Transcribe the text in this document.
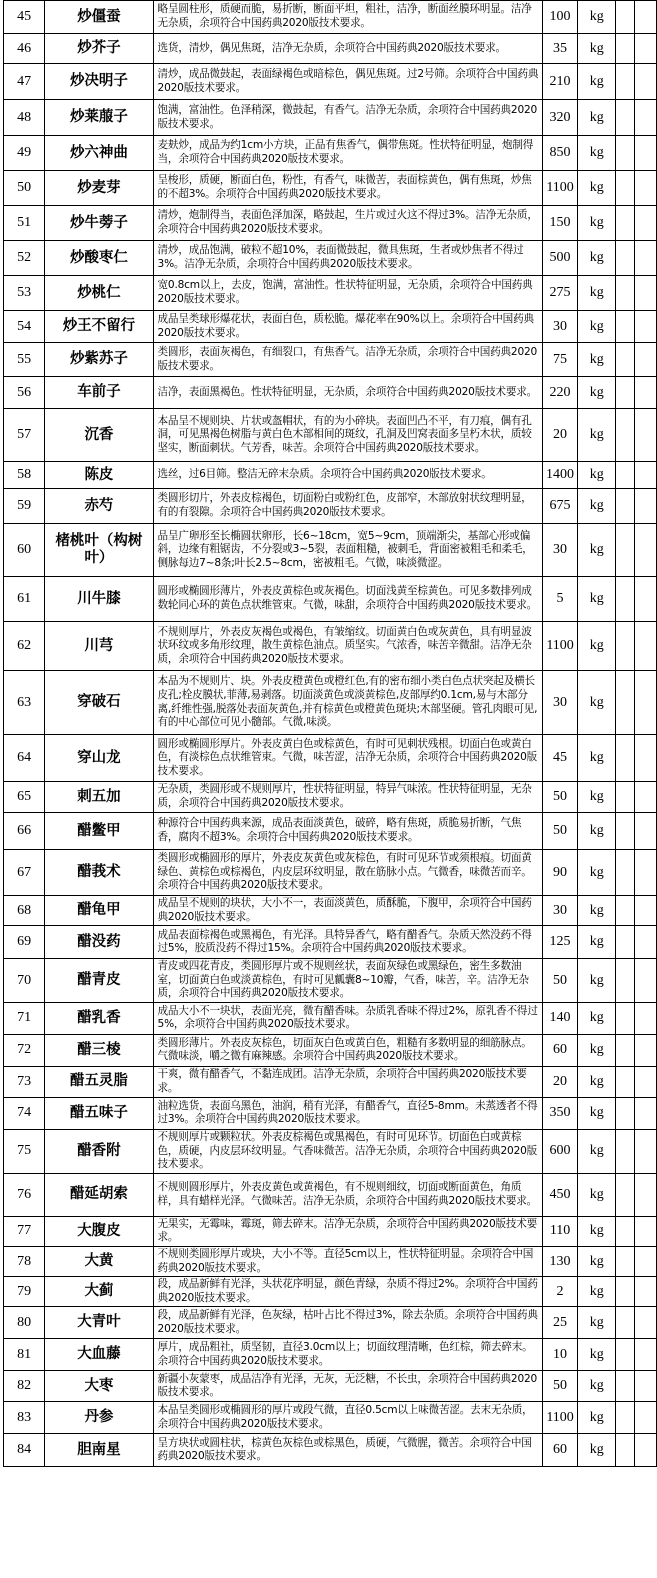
45	炒僵蚕	略呈圆柱形，质硬而脆，易折断，断面平坦，粗社，洁净，断面丝膜环明显。洁净无杂质，余项符合中国药典2020版技术要求。	100	kg		
46	炒芥子	选货，清炒，偶见焦斑，洁净无杂质，余项符合中国药典2020版技术要求。	35	kg		
47	炒决明子	清炒，成品微鼓起，表面绿褐色或暗棕色，偶见焦斑。过2号筛。余项符合中国药典2020版技术要求。	210	kg		
48	炒莱菔子	饱满，富油性。色泽稍深，微鼓起，有香气。洁净无杂质，余项符合中国药典2020版技术要求。	320	kg		
49	炒六神曲	麦麸炒，成品为约1cm小方块，正品有焦香气，偶带焦斑。性状特征明显，炮制得当，余项符合中国药典2020版技术要求。	850	kg		
50	炒麦芽	呈梭形，质硬，断面白色，粉性，有香气，味微苦，表面棕黄色，偶有焦斑，炒焦的不超3%。余项符合中国药典2020版技术要求。	1100	kg		
51	炒牛蒡子	清炒，炮制得当，表面色泽加深，略鼓起，生片或过火这不得过3%。洁净无杂质，余项符合中国药典2020版技术要求。	150	kg		
52	炒酸枣仁	清炒，成品饱满，破粒不超10%，表面微鼓起，微具焦斑，生者或炒焦者不得过3%。洁净无杂质，余项符合中国药典2020版技术要求。	500	kg		
53	炒桃仁	宽0.8cm以上，去皮，饱满，富油性。性状特征明显，无杂质，余项符合中国药典2020版技术要求。	275	kg		
54	炒王不留行	成品呈类球形爆花状，表面白色，质松脆。爆花率在90%以上。余项符合中国药典2020版技术要求。	30	kg		
55	炒紫苏子	类圆形，表面灰褐色，有细裂口，有焦香气。洁净无杂质，余项符合中国药典2020版技术要求。	75	kg		
56	车前子	洁净，表面黑褐色。性状特征明显，无杂质，余项符合中国药典2020版技术要求。	220	kg		
57	沉香	本品呈不规则块、片状或盔帽状，有的为小碎块。表面凹凸不平，有刀痕，偶有孔洞，可见黑褐色树脂与黄白色木部相间的斑纹，孔洞及凹窝表面多呈朽木状，质较坚实，断面刺状。气芳香，味苦。余项符合中国药典2020版技术要求。	20	kg		
58	陈皮	选丝，过6目筛。整洁无碎末杂质。余项符合中国药典2020版技术要求。	1400	kg		
59	赤芍	类圆形切片，外表皮棕褐色，切面粉白或粉红色，皮部窄，木部放射状纹理明显，有的有裂隙。余项符合中国药典2020版技术要求。	675	kg		
60	楮桃叶（构树叶）	品呈广卵形至长椭圆状卵形，长6~18cm，宽5~9cm，顶端渐尖，基部心形或偏斜，边缘有粗锯齿，不分裂或3~5裂，表面粗糙，被刺毛，背面密被粗毛和柔毛，侧脉每边7~8条;叶长2.5~8cm，密被粗毛。气微，味淡微涩。	30	kg		
61	川牛膝	圆形或椭圆形薄片，外表皮黄棕色或灰褐色。切面浅黄至棕黄色。可见多数排列成数轮同心环的黄色点状维管束。气微，味甜，余项符合中国药典2020版技术要求。	5	kg		
62	川芎	不规则厚片，外表皮灰褐色或褐色，有皱缩纹。切面黄白色或灰黄色，具有明显波状环纹或多角形纹理，散生黄棕色油点。质坚实。气浓香，味苦辛微甜。洁净无杂质，余项符合中国药典2020版技术要求。	1100	kg		
63	穿破石	本品为不规则片、块。外表皮橙黄色或橙红色,有的密布细小类白色点状突起及横长皮孔;栓皮膜状,菲薄,易剥落。切面淡黄色或淡黄棕色,皮部厚约0.1cm,易与木部分离,纤维性强,脱落处表面灰黄色,并有棕黄色或橙黄色斑块;木部坚硬。管孔肉眼可见,有的中心部位可见小髓部。气微,味淡。	30	kg		
64	穿山龙	圆形或椭圆形厚片。外表皮黄白色或棕黄色，有时可见刺状残根。切面白色或黄白色，有淡棕色点状维管束。气微，味苦涩，洁净无杂质，余项符合中国药典2020版技术要求。	45	kg		
65	刺五加	无杂质，类圆形或不规则厚片，性状特征明显，特异气味浓。性状特征明显，无杂质，余项符合中国药典2020版技术要求。	50	kg		
66	醋鳖甲	种源符合中国药典来源，成品表面淡黄色，破碎，略有焦斑，质脆易折断，气焦香，腐肉不超3%。余项符合中国药典2020版技术要求。	50	kg		
67	醋莪术	类圆形或椭圆形的厚片，外表皮灰黄色或灰棕色，有时可见环节或须根痕。切面黄绿色、黄棕色或棕褐色，内皮层环纹明显，散在筋脉小点。气微香，味微苦而辛。余项符合中国药典2020版技术要求。	90	kg		
68	醋龟甲	成品呈不规则的块状，大小不一，表面淡黄色，质酥脆，下腹甲，余项符合中国药典2020版技术要求。	30	kg		
69	醋没药	成品表面棕褐色或黑褐色，有光泽。具特异香气，略有醋香气。杂质天然没药不得过5%，胶质没药不得过15%。余项符合中国药典2020版技术要求。	125	kg		
70	醋青皮	青皮或四花青皮，类圆形厚片或不规则丝状，表面灰绿色或黑绿色，密生多数油室，切面黄白色或淡黄棕色，有时可见瓤囊8~10瓣，气香，味苦，辛。洁净无杂质，余项符合中国药典2020版技术要求。	50	kg		
71	醋乳香	成品大小不一块状，表面光亮，微有醋香味。杂质乳香味不得过2%，原乳香不得过5%，余项符合中国药典2020版技术要求。	140	kg		
72	醋三棱	类圆形薄片。外表皮灰棕色，切面灰白色或黄白色，粗糙有多数明显的细筋脉点。气微味淡，嚼之微有麻辣感。余项符合中国药典2020版技术要求。	60	kg		
73	醋五灵脂	干爽，微有醋香气，不黏连成团。洁净无杂质，余项符合中国药典2020版技术要求。	20	kg		
74	醋五味子	油粒选货，表面乌黑色，油润，稍有光泽，有醋香气，直径5-8mm。未蒸透者不得过3%。余项符合中国药典2020版技术要求。	350	kg		
75	醋香附	不规则厚片或颗粒状。外表皮棕褐色或黑褐色，有时可见环节。切面色白或黄棕色，质硬，内皮层环纹明显。气香味微苦。洁净无杂质，余项符合中国药典2020版技术要求。	600	kg		
76	醋延胡索	不规则圆形厚片，外表皮黄色或黄褐色，有不规则细纹，切面或断面黄色，角质样，具有蜡样光泽。气微味苦。洁净无杂质，余项符合中国药典2020版技术要求。	450	kg		
77	大腹皮	无果实，无霉味，霉斑，筛去碎末。洁净无杂质，余项符合中国药典2020版技术要求。	110	kg		
78	大黄	不规则类圆形厚片或块，大小不等。直径5cm以上，性状特征明显。余项符合中国药典2020版技术要求。	130	kg		
79	大蓟	段，成品新鲜有光泽，头状花序明显，颜色青绿，杂质不得过2%。余项符合中国药典2020版技术要求。	2	kg		
80	大青叶	段，成品新鲜有光泽，色灰绿，枯叶占比不得过3%，除去杂质。余项符合中国药典2020版技术要求。	25	kg		
81	大血藤	厚片，成品粗社，质坚韧，直径3.0cm以上；切面纹理清晰，色红棕，筛去碎末。余项符合中国药典2020版技术要求。	10	kg		
82	大枣	新疆小灰蒙枣，成品洁净有光泽，无灰，无泛糖，不长虫，余项符合中国药典2020版技术要求。	50	kg		
83	丹参	本品呈类圆形或椭圆形的厚片或段气微，直径0.5cm以上味微苦涩。去末无杂质，余项符合中国药典2020版技术要求。	1100	kg		
84	胆南星	呈方块状或圆柱状，棕黄色灰棕色或棕黑色，质硬，气微腥，微苦。余项符合中国药典2020版技术要求。	60	kg		
